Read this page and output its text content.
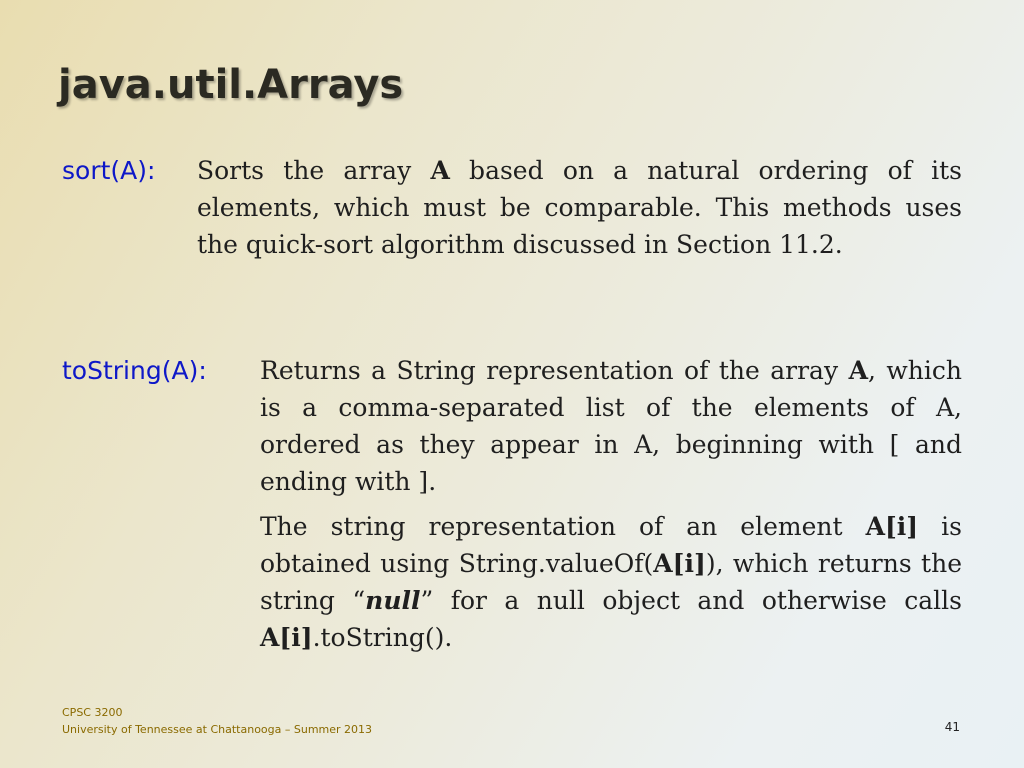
java.util.Arrays
sort(A): Sorts the array A based on a natural ordering of its elements, which must be comparable. This methods uses the quick-sort algorithm discussed in Section 11.2.

toString(A): Returns a String representation of the array A, which is a comma-separated list of the elements of A, ordered as they appear in A, beginning with [ and ending with ].

The string representation of an element A[i] is obtained using String.valueOf(A[i]), which returns the string “null” for a null object and otherwise calls A[i].toString().

CPSC 3200
University of Tennessee at Chattanooga – Summer 2013	41
